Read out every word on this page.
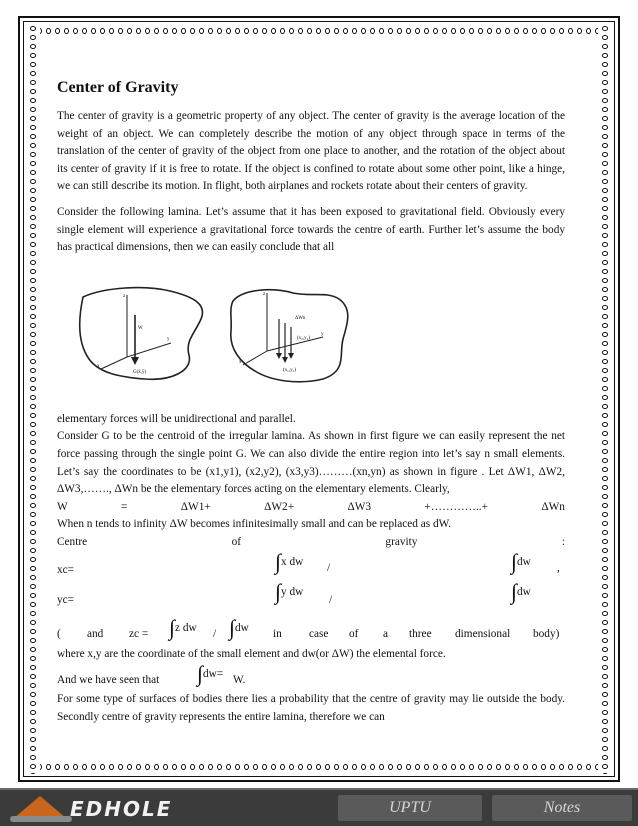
Center of Gravity

The center of gravity is a geometric property of any object. The center of gravity is the average location of the weight of an object. We can completely describe the motion of any object through space in terms of the translation of the center of gravity of the object from one place to another, and the rotation of the object about its center of gravity if it is free to rotate. If the object is confined to rotate about some other point, like a hinge, we can still describe its motion. In flight, both airplanes and rockets rotate about their centers of gravity.

Consider the following lamina. Let’s assume that it has been exposed to gravitational field. Obviously every single element will experience a gravitational force towards the centre of earth. Further let’s assume the body has practical dimensions, then we can easily conclude that all

z
W
y
x
G(x̄,ȳ)
z
ΔWn
(x₂,y₂)
(x₁,y₁)
x
y

elementary forces will be unidirectional and parallel.

Consider G to be the centroid of the irregular lamina. As shown in first figure we can easily represent the net force passing through the single point G. We can also divide the entire region into let’s say n small elements. Let’s say the coordinates to be (x1,y1), (x2,y2), (x3,y3)………(xn,yn) as shown in figure . Let ΔW1, ΔW2, ΔW3,……., ΔWn be the elementary forces acting on the elementary elements. Clearly,

W	=	ΔW1+	ΔW2+	ΔW3	+…………..+	ΔWn

When n tends to infinity ΔW becomes infinitesimally small and can be replaced as dW.

Centre	of	gravity	:
xc=	∫x dw /	∫dw ,
yc=	∫y dw
/	∫dw
( and zc = ∫z dw / ∫dw in case of a three dimensional body)

where x,y are the coordinate of the small element and dw(or ΔW) the elemental force.

And we have seen that ∫dw= W.

For some type of surfaces of bodies there lies a probability that the centre of gravity may lie outside the body. Secondly centre of gravity represents the entire lamina, therefore we can

EDHOLE	UPTU	Notes
